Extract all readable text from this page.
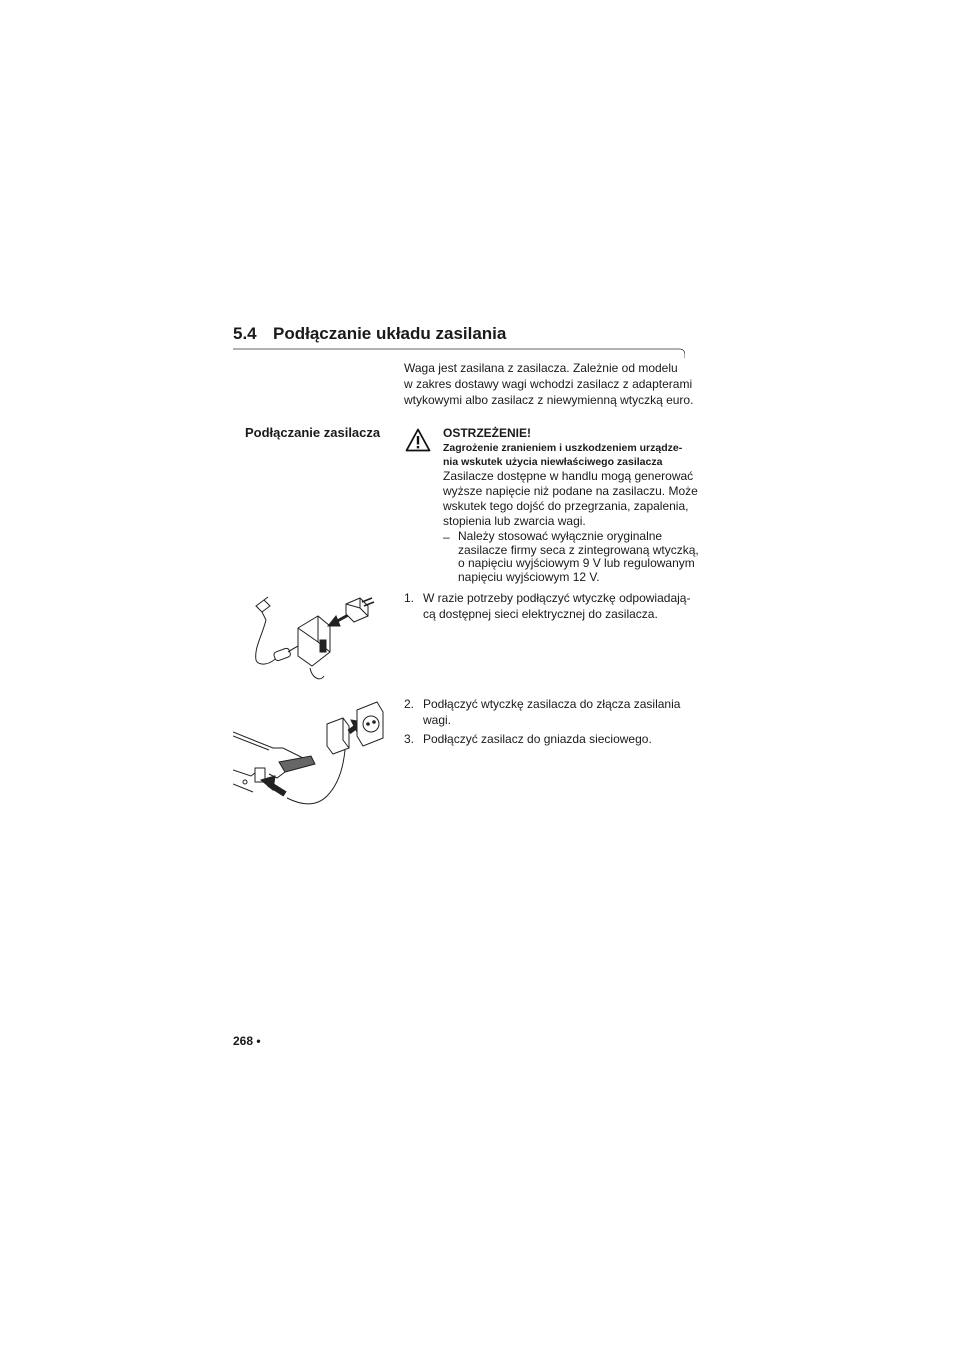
5.4 Podłączanie układu zasilania
Waga jest zasilana z zasilacza. Zależnie od modelu
w zakres dostawy wagi wchodzi zasilacz z adapterami
wtykowymi albo zasilacz z niewymienną wtyczką euro.
Podłączanie zasilacza	OSTRZEŻENIE!
Zagrożenie zranieniem i uszkodzeniem urządze-
nia wskutek użycia niewłaściwego zasilacza
Zasilacze dostępne w handlu mogą generować
wyższe napięcie niż podane na zasilaczu. Może
wskutek tego dojść do przegrzania, zapalenia,
stopienia lub zwarcia wagi.
– Należy stosować wyłącznie oryginalne
zasilacze firmy seca z zintegrowaną wtyczką,
o napięciu wyjściowym 9 V lub regulowanym
napięciu wyjściowym 12 V.
1. W razie potrzeby podłączyć wtyczkę odpowiadają-
cą dostępnej sieci elektrycznej do zasilacza.
2. Podłączyć wtyczkę zasilacza do złącza zasilania
wagi.
3. Podłączyć zasilacz do gniazda sieciowego.
268 •
